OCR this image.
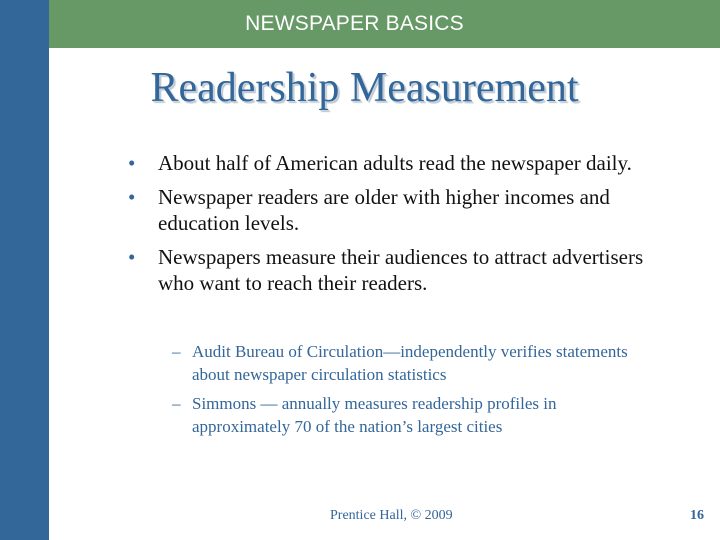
NEWSPAPER BASICS
Readership Measurement
• About half of American adults read the newspaper daily.
• Newspaper readers are older with higher incomes and education levels.
• Newspapers measure their audiences to attract advertisers who want to reach their readers.
– Audit Bureau of Circulation—independently verifies statements about newspaper circulation statistics
– Simmons — annually measures readership profiles in approximately 70 of the nation’s largest cities
Prentice Hall, © 2009	16
